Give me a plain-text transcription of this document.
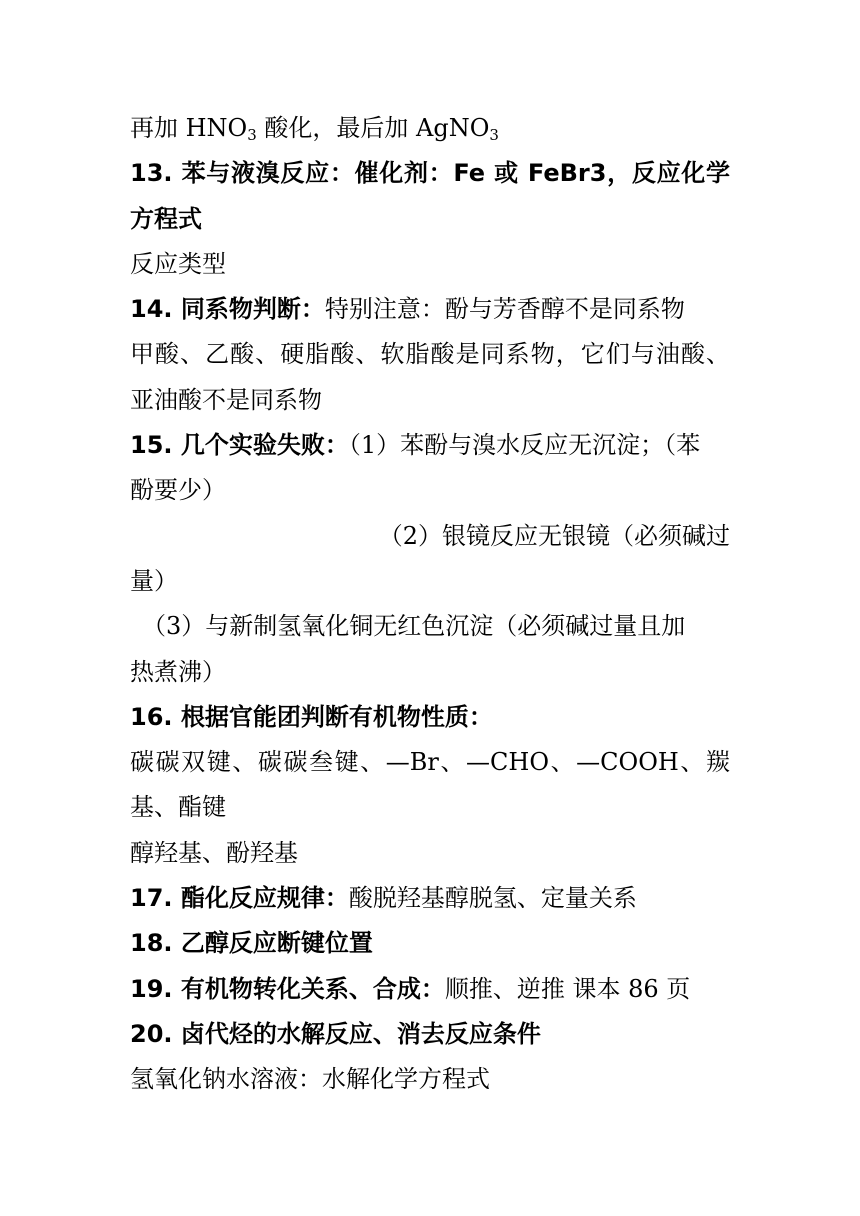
再加 $HNO_3$ 酸化，最后加 AgNO$_3$
13. 苯与液溴反应：催化剂：Fe 或 FeBr3，反应化学
方程式
反应类型
14. 同系物判断：特别注意：酚与芳香醇不是同系物
甲酸、乙酸、硬脂酸、软脂酸是同系物，它们与油酸、
亚油酸不是同系物
15. 几个实验失败：（1）苯酚与溴水反应无沉淀；（苯
酚要少）
（2）银镜反应无银镜（必须碱过
量）
（3）与新制氢氧化铜无红色沉淀（必须碱过量且加
热煮沸）
16. 根据官能团判断有机物性质：
碳碳双键、碳碳叁键、—Br、—CHO、—COOH、羰
基、酯键
醇羟基、酚羟基
17. 酯化反应规律：酸脱羟基醇脱氢、定量关系
18. 乙醇反应断键位置
19. 有机物转化关系、合成：顺推、逆推 课本 86 页
20. 卤代烃的水解反应、消去反应条件
氢氧化钠水溶液：水解化学方程式
